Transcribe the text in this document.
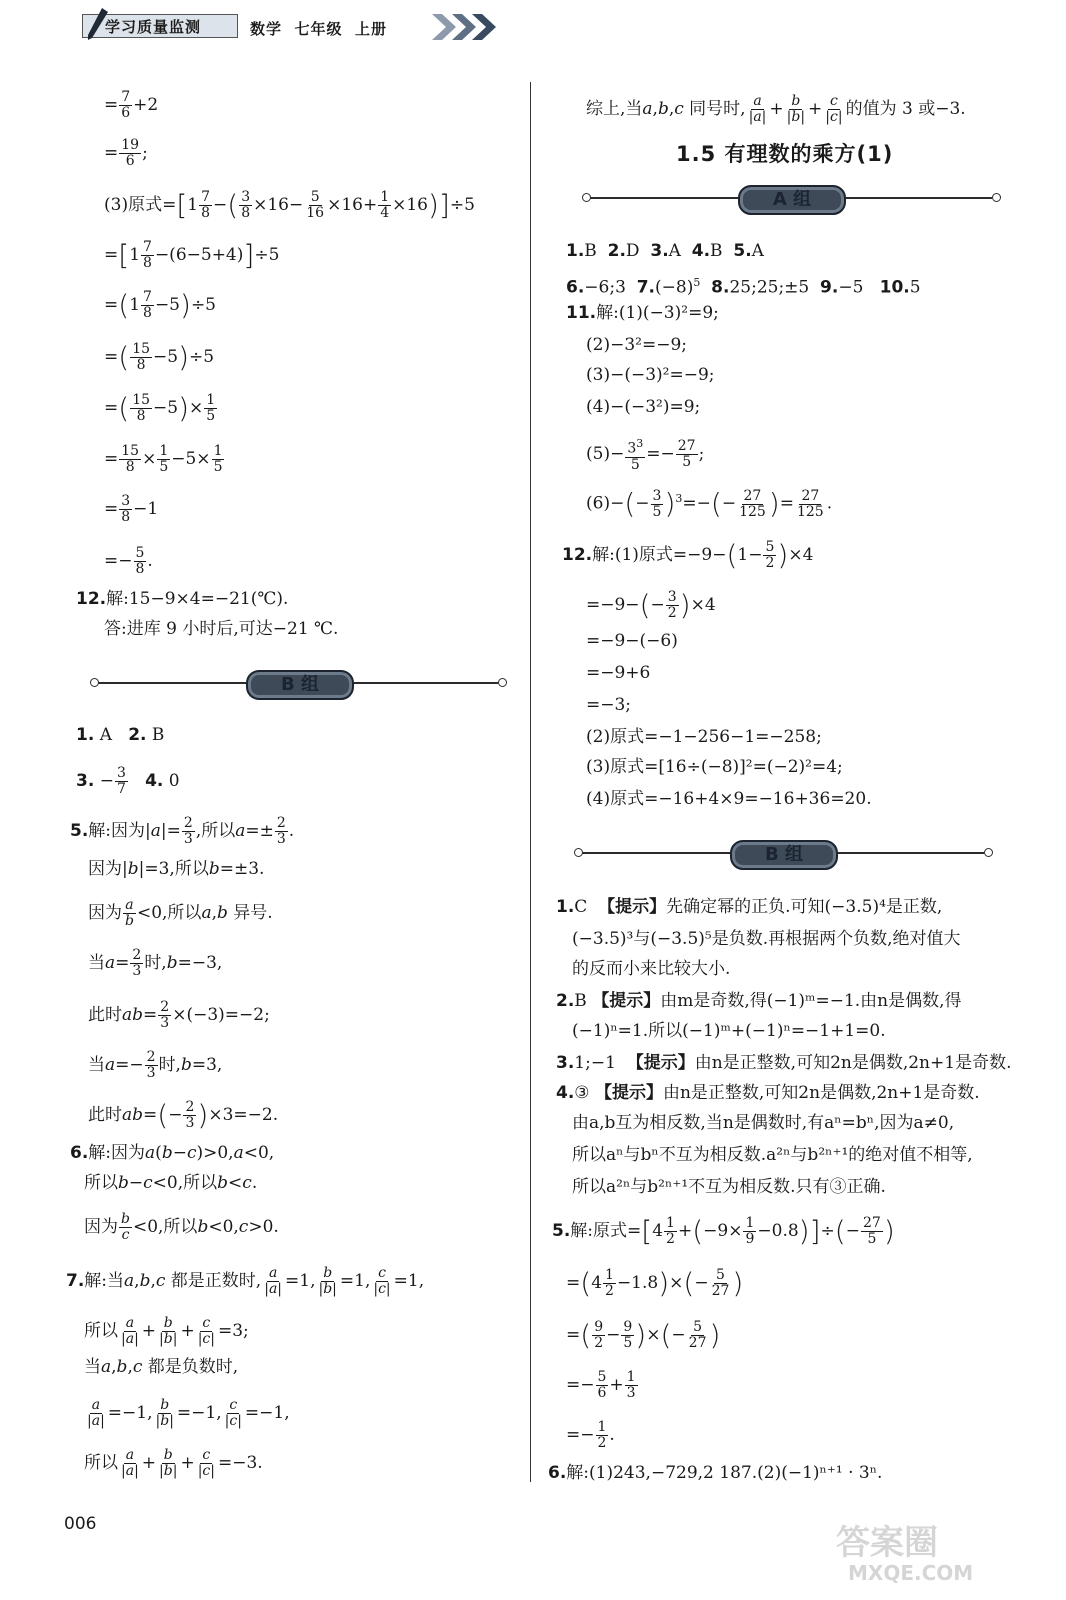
学习质量监测	数学 七年级 上册
= $\frac{7}{6} +2$
= $\frac{19}{6}$ ;
(3)原式$=[1 \frac{7}{8}$ −( $\frac{3}{8} \times 16- \frac{5}{16} \times 16+ \frac{1}{4} \times 16)]\div 5$
$=[1 \frac{7}{8} -(6-5+4)]\div 5$
$=(1 \frac{7}{8} -5)\div 5$
=( $\frac{15}{8} -5)\div 5$
=( $\frac{15}{8} -5)\times \frac{1}{5}$
= $\frac{15}{8} \times \frac{1}{5} -5\times \frac{1}{5}$
= $\frac{3}{8} -1$
=− $\frac{5}{8}$ .
12.解:15−9×4=−21(℃).
答:进库 9 小时后,可达−21 ℃.
B 组
1. A 2. B
3. − $\frac{3}{7} 4$. 0
5.解:因为$|a|= \frac{2}{3}$ ,所以$a=\pm \frac{2}{3}$ .
因为|b|=3,所以b=±3.
因为 $\frac{a}{b} <0$,所以a,b 异号.
当$a= \frac{2}{3}$ 时,b=−3,
此时$ab= \frac{2}{3} \times(-3)=-2$;
当$a=- \frac{2}{3}$ 时,b=3,
此时$ab=(- \frac{2}{3} )\times 3=-2$.
6.解:因为a(b−c)>0,a<0,
所以b−c<0,所以b<c.
因为 $\frac{b}{c} <0$,所以b<0,c>0.
7.解:当a,b,c 都是正数时, $\frac{a}{|a|} =1$, $\frac{b}{|b|} =1$, $\frac{c}{|c|} =1$,
所以 $\frac{a}{|a|} + \frac{b}{|b|} + \frac{c}{|c|} =3$;
当a,b,c 都是负数时,
$\frac{a}{|a|} =-1$, $\frac{b}{|b|} =-1$, $\frac{c}{|c|} =-1$,
所以 $\frac{a}{|a|} + \frac{b}{|b|} + \frac{c}{|c|} =-3$.
综上,当a,b,c 同号时, $\frac{a}{|a|} + \frac{b}{|b|} + \frac{c}{|c|}$ 的值为 3 或−3.
1.5 有理数的乘方(1)
A 组
1.B 2.D 3.A 4.B 5.A
6.−6;3 $7.(-8)^5$ 8.25;25;±5 9.−5 10.5
11.解:(1)(−3)²=9;
(2)−3²=−9;
(3)−(−3)²=−9;
(4)−(−3²)=9;
$(5)- \frac{3^3}{5} =- \frac{27}{5}$ ;
$(6)-(- \frac{3}{5} )^3=-(- \frac{27}{125}$ )= $\frac{27}{125}$ .
12.解:(1)原式$=-9-(1- \frac{5}{2} )\times 4$
$=-9-(- \frac{3}{2} )\times 4$
=−9−(−6)
=−9+6
=−3;
(2)原式=−1−256−1=−258;
(3)原式=[16÷(−8)]²=(−2)²=4;
(4)原式=−16+4×9=−16+36=20.
B 组
1.C 【提示】先确定幂的正负.可知(−3.5)⁴是正数,
(−3.5)³与(−3.5)⁵是负数.再根据两个负数,绝对值大
的反而小来比较大小.
2.B 【提示】由m是奇数,得(−1)ᵐ=−1.由n是偶数,得
(−1)ⁿ=1.所以(−1)ᵐ+(−1)ⁿ=−1+1=0.
3.1;−1 【提示】由n是正整数,可知2n是偶数,2n+1是奇数.
4.③ 【提示】由n是正整数,可知2n是偶数,2n+1是奇数.
由a,b互为相反数,当n是偶数时,有aⁿ=bⁿ,因为a≠0,
所以aⁿ与bⁿ不互为相反数.a²ⁿ与b²ⁿ⁺¹的绝对值不相等,
所以a²ⁿ与b²ⁿ⁺¹不互为相反数.只有③正确.
5.解:原式$=[4 \frac{1}{2} +(-9\times \frac{1}{9} -0.8)]\div(- \frac{27}{5}$ )
$=(4 \frac{1}{2} -1.8)\times(- \frac{5}{27}$ )
=( $\frac{9}{2} - \frac{9}{5}$ )×(− $\frac{5}{27}$ )
=− $\frac{5}{6} + \frac{1}{3}$
=− $\frac{1}{2}$ .
6.解:(1)243,−729,2 187.(2)(−1)ⁿ⁺¹ · 3ⁿ.
006	答案圈
MXQE.COM
